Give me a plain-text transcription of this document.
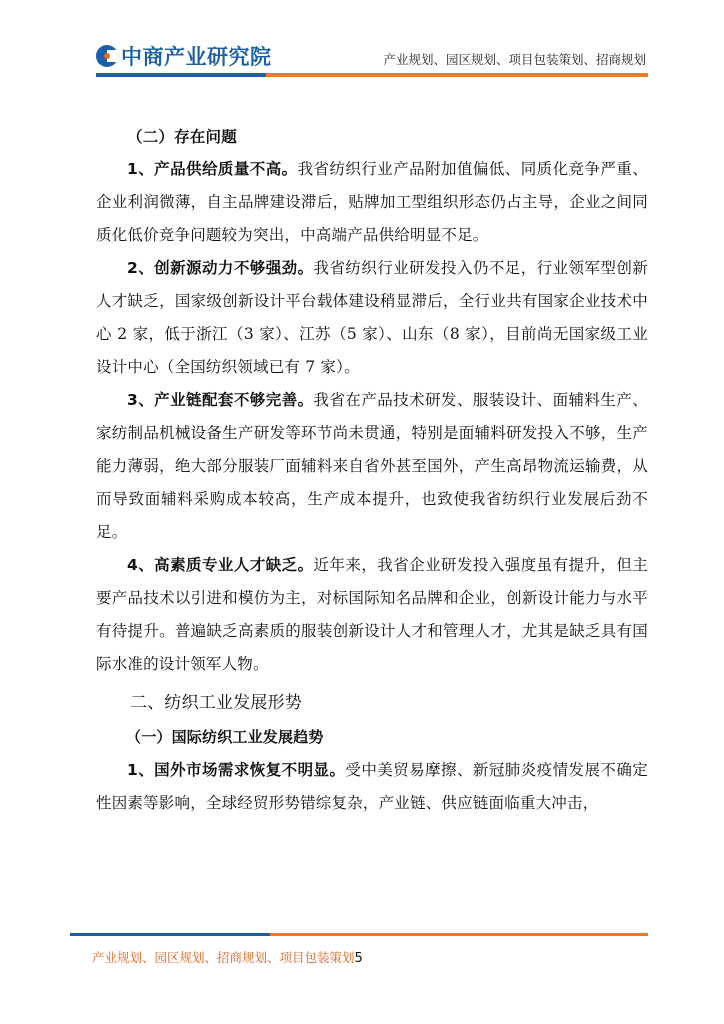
中商产业研究院	产业规划、园区规划、项目包装策划、招商规划

（二）存在问题

1、产品供给质量不高。我省纺织行业产品附加值偏低、同质化竞争严重、企业利润微薄，自主品牌建设滞后，贴牌加工型组织形态仍占主导，企业之间同质化低价竞争问题较为突出，中高端产品供给明显不足。

2、创新源动力不够强劲。我省纺织行业研发投入仍不足，行业领军型创新人才缺乏，国家级创新设计平台载体建设稍显滞后，全行业共有国家企业技术中心 2 家，低于浙江（3 家）、江苏（5 家）、山东（8 家），目前尚无国家级工业设计中心（全国纺织领域已有 7 家）。

3、产业链配套不够完善。我省在产品技术研发、服装设计、面辅料生产、家纺制品机械设备生产研发等环节尚未贯通，特别是面辅料研发投入不够，生产能力薄弱，绝大部分服装厂面辅料来自省外甚至国外，产生高昂物流运输费，从而导致面辅料采购成本较高，生产成本提升，也致使我省纺织行业发展后劲不足。

4、高素质专业人才缺乏。近年来，我省企业研发投入强度虽有提升，但主要产品技术以引进和模仿为主，对标国际知名品牌和企业，创新设计能力与水平有待提升。普遍缺乏高素质的服装创新设计人才和管理人才，尤其是缺乏具有国际水准的设计领军人物。

二、纺织工业发展形势

（一）国际纺织工业发展趋势

1、国外市场需求恢复不明显。受中美贸易摩擦、新冠肺炎疫情发展不确定性因素等影响，全球经贸形势错综复杂，产业链、供应链面临重大冲击，

产业规划、园区规划、招商规划、项目包装策划5
